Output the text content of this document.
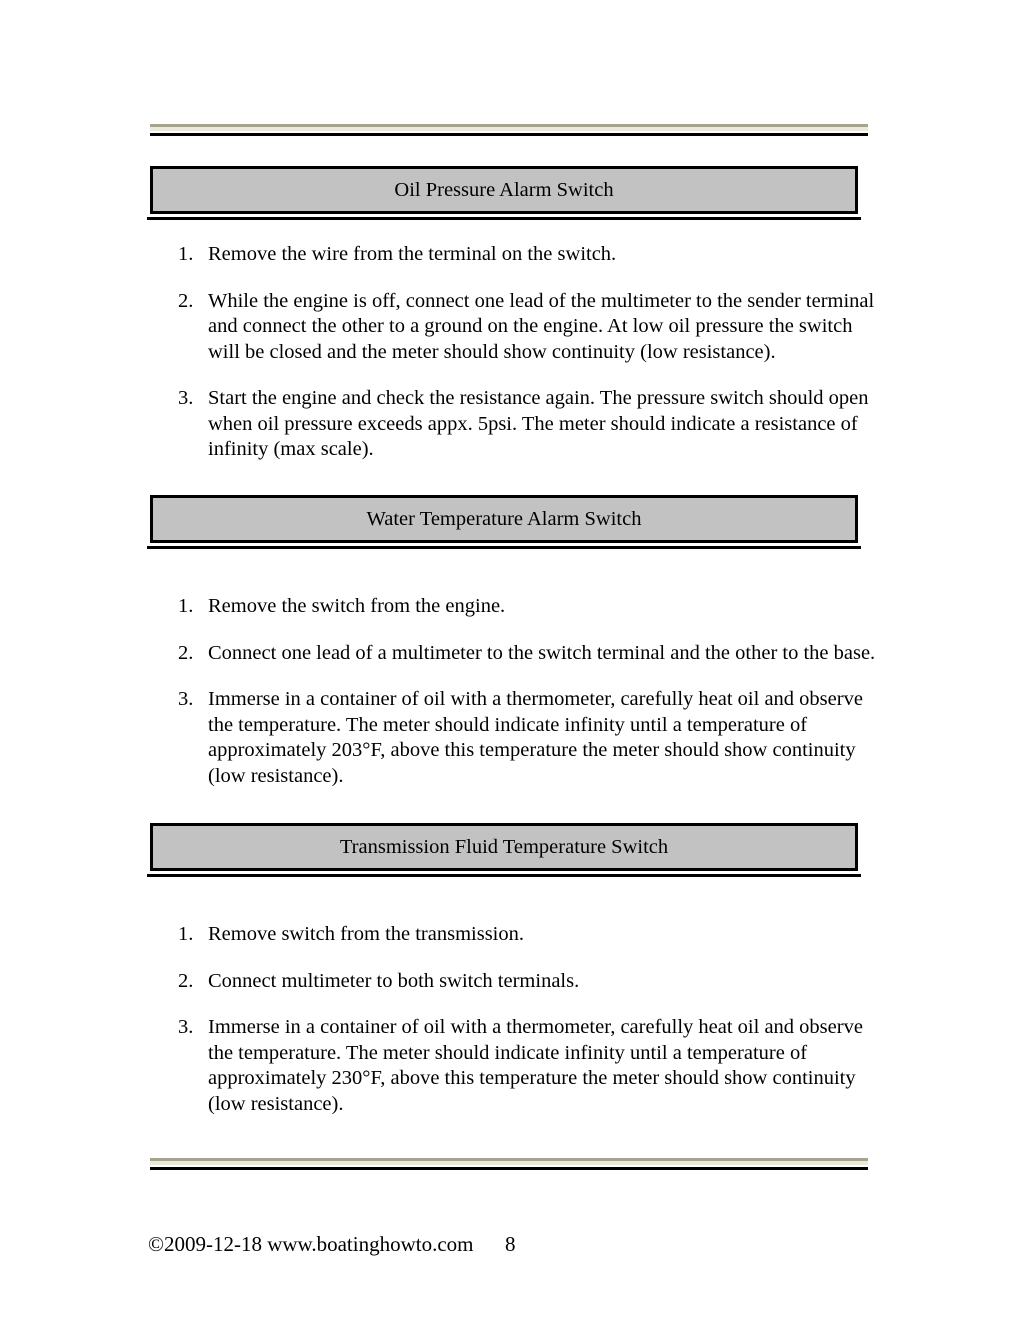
Oil Pressure Alarm Switch
1. Remove the wire from the terminal on the switch.
2. While the engine is off, connect one lead of the multimeter to the sender terminal and connect the other to a ground on the engine. At low oil pressure the switch will be closed and the meter should show continuity (low resistance).
3. Start the engine and check the resistance again. The pressure switch should open when oil pressure exceeds appx. 5psi. The meter should indicate a resistance of infinity (max scale).
Water Temperature Alarm Switch
1. Remove the switch from the engine.
2. Connect one lead of a multimeter to the switch terminal and the other to the base.
3. Immerse in a container of oil with a thermometer, carefully heat oil and observe the temperature. The meter should indicate infinity until a temperature of approximately 203°F, above this temperature the meter should show continuity (low resistance).
Transmission Fluid Temperature Switch
1. Remove switch from the transmission.
2. Connect multimeter to both switch terminals.
3. Immerse in a container of oil with a thermometer, carefully heat oil and observe the temperature. The meter should indicate infinity until a temperature of approximately 230°F, above this temperature the meter should show continuity (low resistance).
©2009-12-18 www.boatinghowto.com      8
